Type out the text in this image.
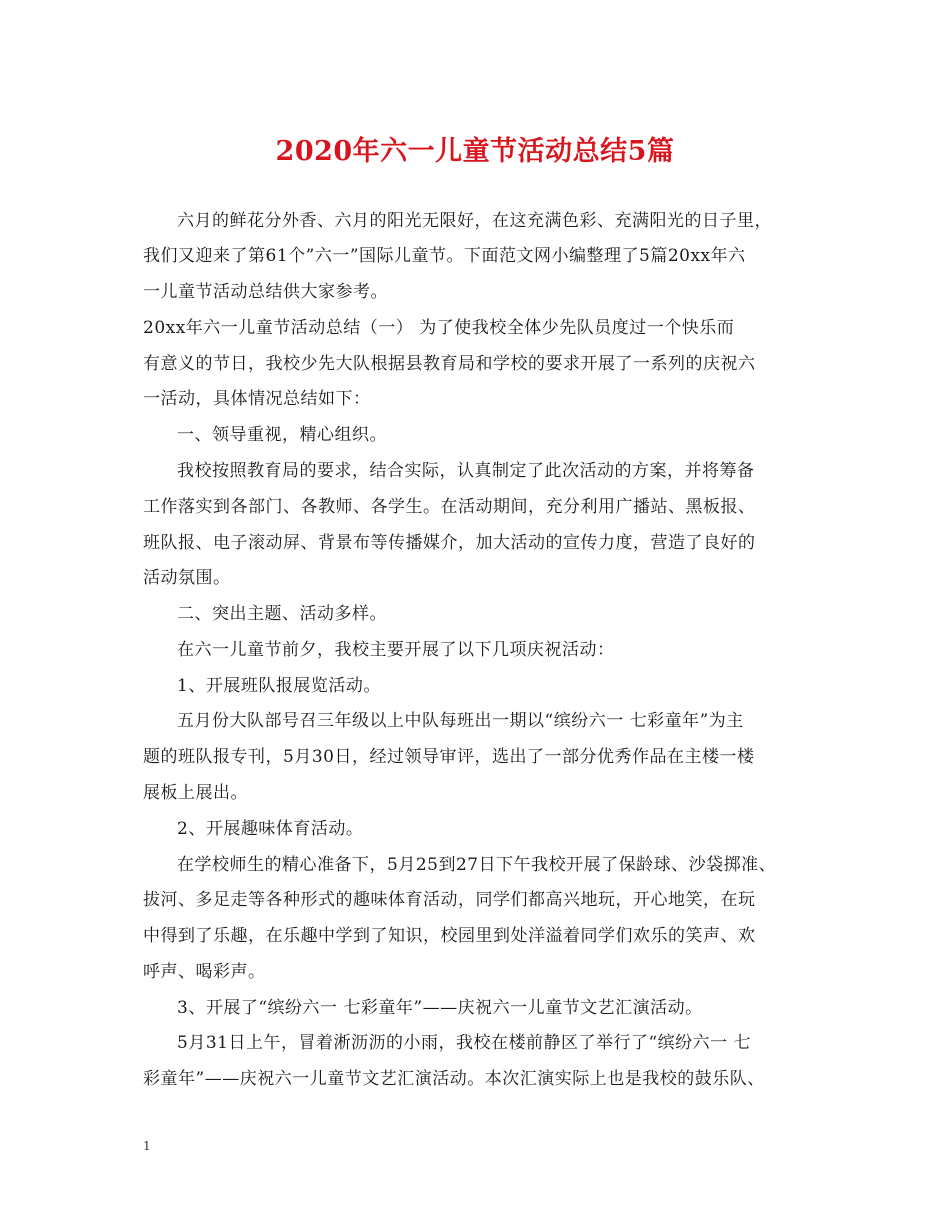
2020年六一儿童节活动总结5篇
六月的鲜花分外香、六月的阳光无限好，在这充满色彩、充满阳光的日子里，
我们又迎来了第61个”六一”国际儿童节。下面范文网小编整理了5篇20xx年六
一儿童节活动总结供大家参考。
20xx年六一儿童节活动总结（一） 为了使我校全体少先队员度过一个快乐而
有意义的节日，我校少先大队根据县教育局和学校的要求开展了一系列的庆祝六
一活动，具体情况总结如下：
一、领导重视，精心组织。
我校按照教育局的要求，结合实际，认真制定了此次活动的方案，并将筹备
工作落实到各部门、各教师、各学生。在活动期间，充分利用广播站、黑板报、
班队报、电子滚动屏、背景布等传播媒介，加大活动的宣传力度，营造了良好的
活动氛围。
二、突出主题、活动多样。
在六一儿童节前夕，我校主要开展了以下几项庆祝活动：
1、开展班队报展览活动。
五月份大队部号召三年级以上中队每班出一期以“缤纷六一 七彩童年”为主
题的班队报专刊，5月30日，经过领导审评，选出了一部分优秀作品在主楼一楼
展板上展出。
2、开展趣味体育活动。
在学校师生的精心准备下，5月25到27日下午我校开展了保龄球、沙袋掷准、
拔河、多足走等各种形式的趣味体育活动，同学们都高兴地玩，开心地笑，在玩
中得到了乐趣，在乐趣中学到了知识，校园里到处洋溢着同学们欢乐的笑声、欢
呼声、喝彩声。
3、开展了“缤纷六一 七彩童年”——庆祝六一儿童节文艺汇演活动。
5月31日上午，冒着淅沥沥的小雨，我校在楼前静区了举行了“缤纷六一 七
彩童年”——庆祝六一儿童节文艺汇演活动。本次汇演实际上也是我校的鼓乐队、
1
